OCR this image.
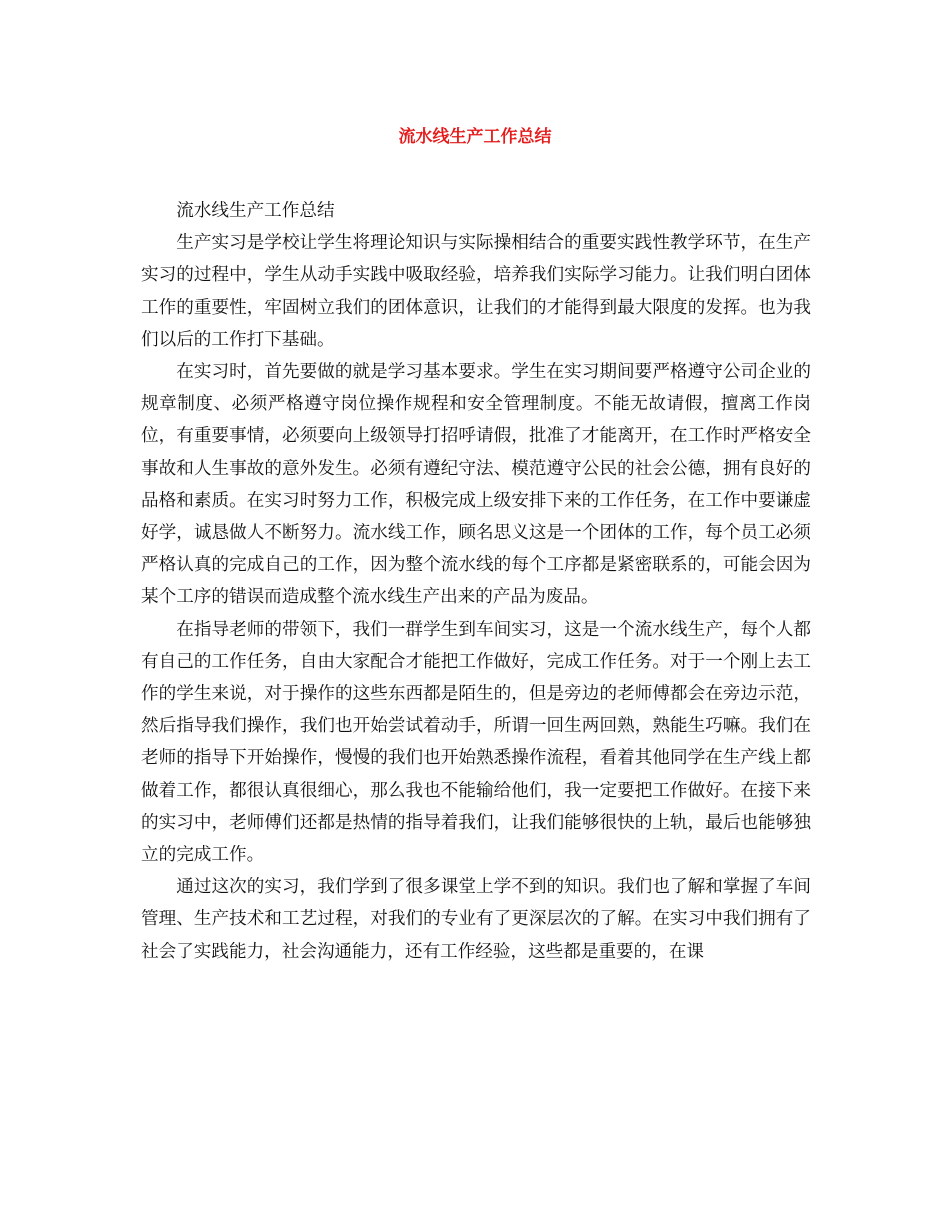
流水线生产工作总结

流水线生产工作总结

生产实习是学校让学生将理论知识与实际操相结合的重要实践性教学环节，在生产实习的过程中，学生从动手实践中吸取经验，培养我们实际学习能力。让我们明白团体工作的重要性，牢固树立我们的团体意识，让我们的才能得到最大限度的发挥。也为我们以后的工作打下基础。

在实习时，首先要做的就是学习基本要求。学生在实习期间要严格遵守公司企业的规章制度、必须严格遵守岗位操作规程和安全管理制度。不能无故请假，擅离工作岗位，有重要事情，必须要向上级领导打招呼请假，批准了才能离开，在工作时严格安全事故和人生事故的意外发生。必须有遵纪守法、模范遵守公民的社会公德，拥有良好的品格和素质。在实习时努力工作，积极完成上级安排下来的工作任务，在工作中要谦虚好学，诚恳做人不断努力。流水线工作，顾名思义这是一个团体的工作，每个员工必须严格认真的完成自己的工作，因为整个流水线的每个工序都是紧密联系的，可能会因为某个工序的错误而造成整个流水线生产出来的产品为废品。

在指导老师的带领下，我们一群学生到车间实习，这是一个流水线生产，每个人都有自己的工作任务，自由大家配合才能把工作做好，完成工作任务。对于一个刚上去工作的学生来说，对于操作的这些东西都是陌生的，但是旁边的老师傅都会在旁边示范，然后指导我们操作，我们也开始尝试着动手，所谓一回生两回熟，熟能生巧嘛。我们在老师的指导下开始操作，慢慢的我们也开始熟悉操作流程，看着其他同学在生产线上都做着工作，都很认真很细心，那么我也不能输给他们，我一定要把工作做好。在接下来的实习中，老师傅们还都是热情的指导着我们，让我们能够很快的上轨，最后也能够独立的完成工作。

通过这次的实习，我们学到了很多课堂上学不到的知识。我们也了解和掌握了车间管理、生产技术和工艺过程，对我们的专业有了更深层次的了解。在实习中我们拥有了社会了实践能力，社会沟通能力，还有工作经验，这些都是重要的，在课
